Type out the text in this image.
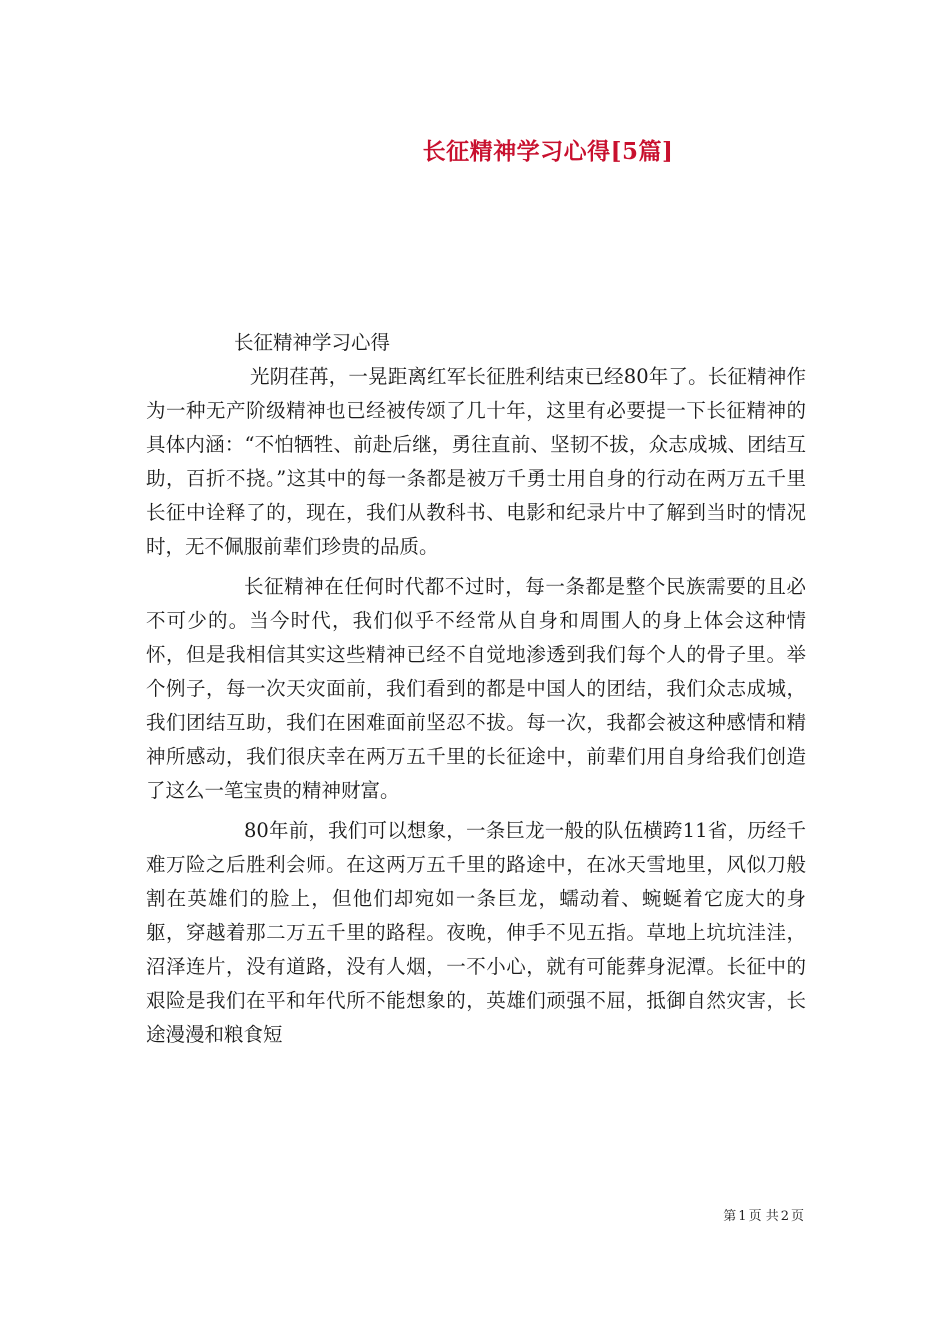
长征精神学习心得[5篇]
长征精神学习心得

光阴荏苒，一晃距离红军长征胜利结束已经80年了。长征精神作为一种无产阶级精神也已经被传颂了几十年，这里有必要提一下长征精神的具体内涵：“不怕牺牲、前赴后继，勇往直前、坚韧不拔，众志成城、团结互助，百折不挠。”这其中的每一条都是被万千勇士用自身的行动在两万五千里长征中诠释了的，现在，我们从教科书、电影和纪录片中了解到当时的情况时，无不佩服前辈们珍贵的品质。

长征精神在任何时代都不过时，每一条都是整个民族需要的且必不可少的。当今时代，我们似乎不经常从自身和周围人的身上体会这种情怀，但是我相信其实这些精神已经不自觉地渗透到我们每个人的骨子里。举个例子，每一次天灾面前，我们看到的都是中国人的团结，我们众志成城，我们团结互助，我们在困难面前坚忍不拔。每一次，我都会被这种感情和精神所感动，我们很庆幸在两万五千里的长征途中，前辈们用自身给我们创造了这么一笔宝贵的精神财富。

80年前，我们可以想象，一条巨龙一般的队伍横跨11省，历经千难万险之后胜利会师。在这两万五千里的路途中，在冰天雪地里，风似刀般割在英雄们的脸上，但他们却宛如一条巨龙，蠕动着、蜿蜒着它庞大的身躯，穿越着那二万五千里的路程。夜晚，伸手不见五指。草地上坑坑洼洼，沼泽连片，没有道路，没有人烟，一不小心，就有可能葬身泥潭。长征中的艰险是我们在平和年代所不能想象的，英雄们顽强不屈，抵御自然灾害，长途漫漫和粮食短

第 1 页 共 2 页
